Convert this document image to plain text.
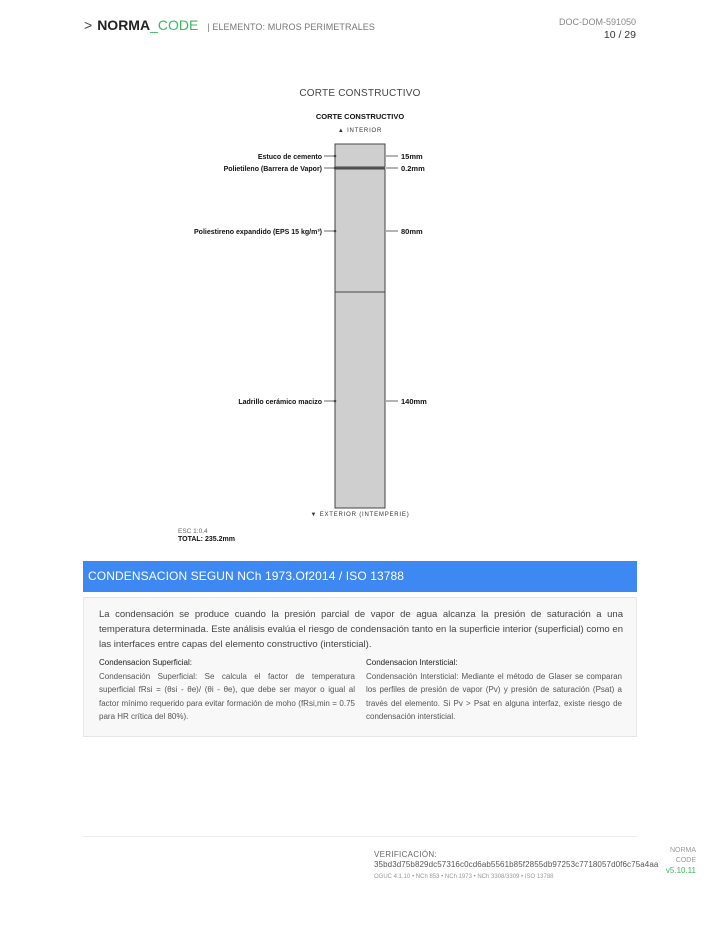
> NORMA _CODE | ELEMENTO: MUROS PERIMETRALES	DOC-DOM-591050
10 / 29
CORTE CONSTRUCTIVO
CORTE CONSTRUCTIVO
▲ INTERIOR
Estuco de cemento
Polietileno (Barrera de Vapor)
Poliestireno expandido (EPS 15 kg/m³)
Ladrillo cerámico macizo
15mm
0.2mm
80mm
140mm
▼ EXTERIOR (INTEMPERIE)
ESC 1:0.4
TOTAL: 235.2mm
CONDENSACION SEGUN NCh 1973.Of2014 / ISO 13788

La condensación se produce cuando la presión parcial de vapor de agua alcanza la presión de saturación a una temperatura determinada. Este análisis evalúa el riesgo de condensación tanto en la superficie interior (superficial) como en las interfaces entre capas del elemento constructivo (intersticial).

Condensacion Superficial:
Condensación Superficial: Se calcula el factor de temperatura superficial fRsi = (θsi - θe)/ (θi - θe), que debe ser mayor o igual al factor mínimo requerido para evitar formación de moho (fRsi,min = 0.75 para HR crítica del 80%).
Condensacion Intersticial:
Condensación Intersticial: Mediante el método de Glaser se comparan los perfiles de presión de vapor (Pv) y presión de saturación (Psat) a través del elemento. Si Pv > Psat en alguna interfaz, existe riesgo de condensación intersticial.
VERIFICACIÓN:
35bd3d75b829dc57316c0cd6ab5561b85f2855db97253c7718057d0f6c75a4aa
OGUC 4.1.10 • NCh 853 • NCh 1973 • NCh 3308/3309 • ISO 13788
NORMA
CODE
v5.10.11
